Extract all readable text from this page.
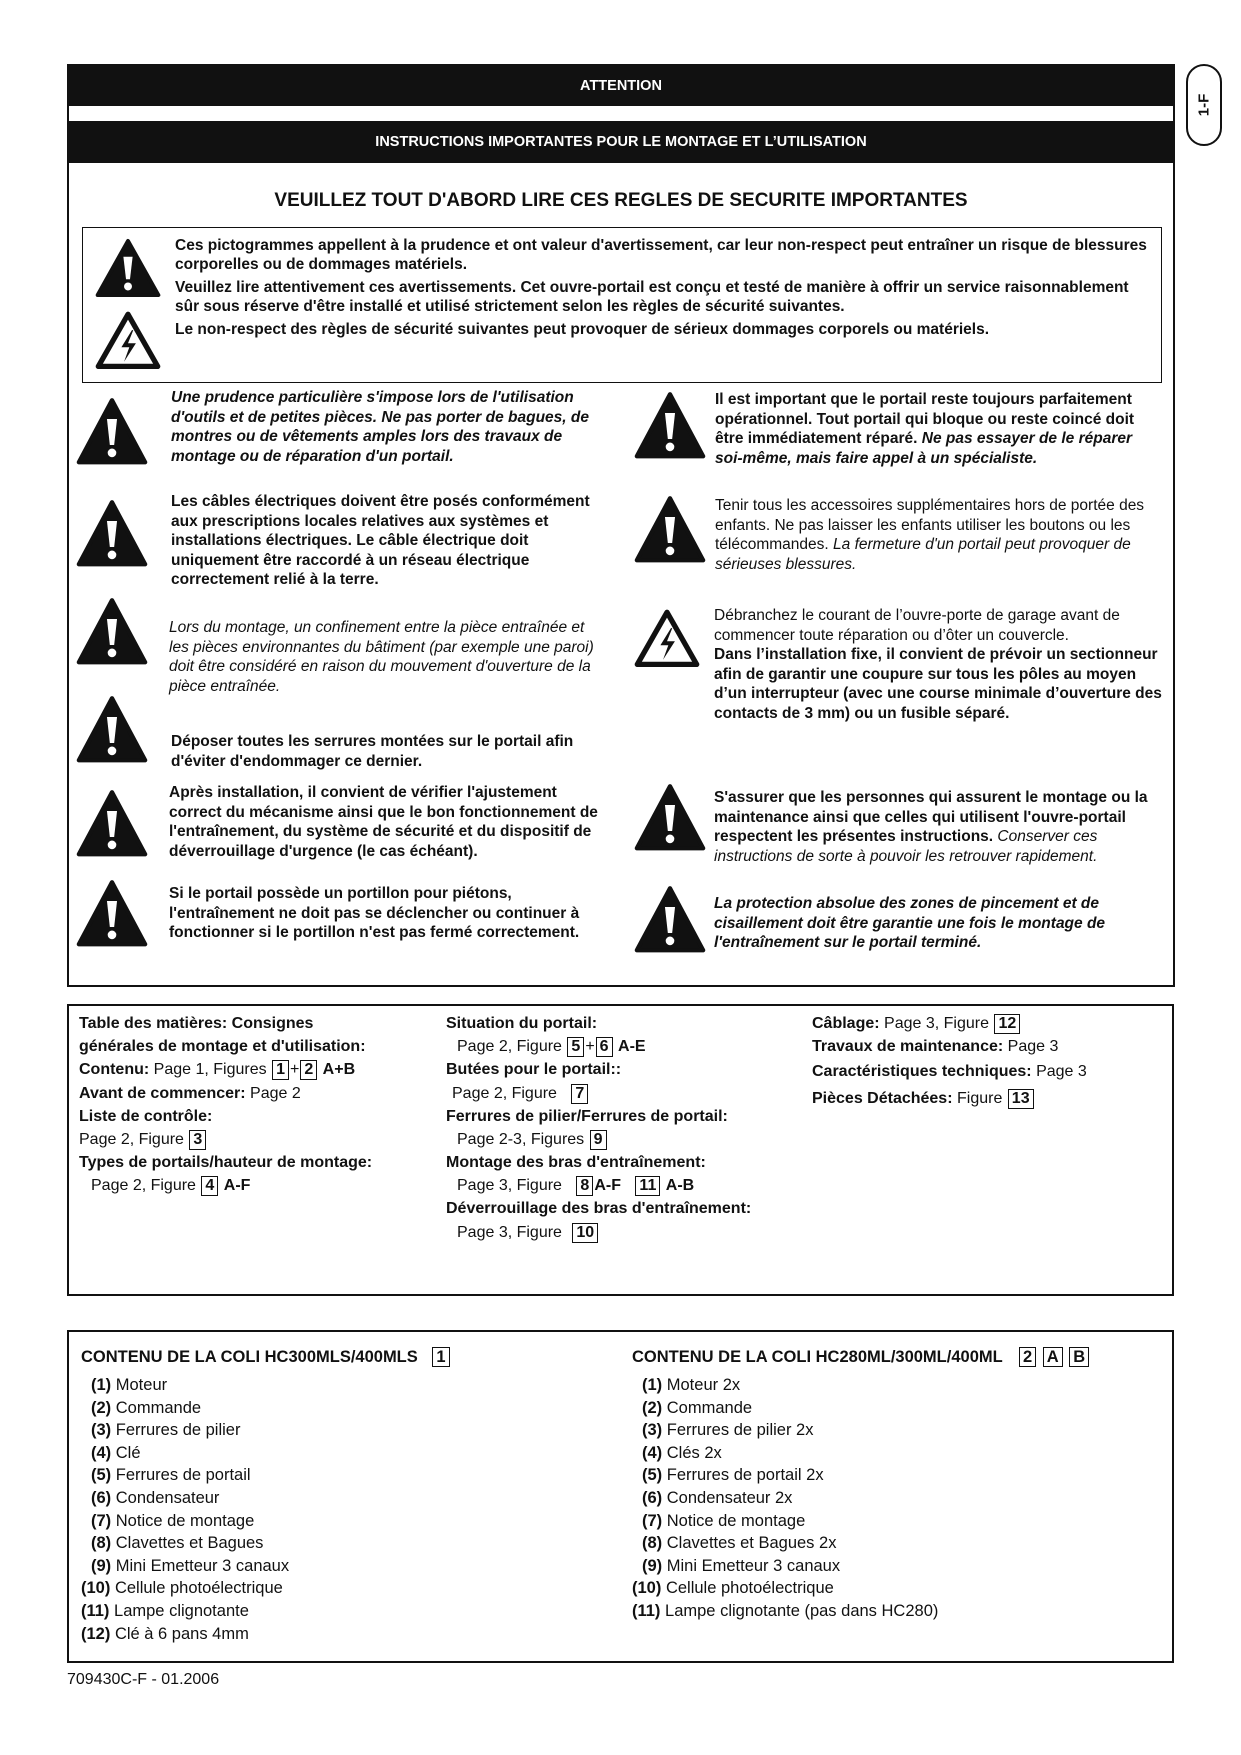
1-F
ATTENTION
INSTRUCTIONS IMPORTANTES POUR LE MONTAGE ET L’UTILISATION
VEUILLEZ TOUT D'ABORD LIRE CES REGLES DE SECURITE IMPORTANTES
Ces pictogrammes appellent à la prudence et ont valeur d'avertissement, car leur non-respect peut entraîner un risque de blessures corporelles ou de dommages matériels.
Veuillez lire attentivement ces avertissements. Cet ouvre-portail est conçu et testé de manière à offrir un service raisonnablement sûr sous réserve d'être installé et utilisé strictement selon les règles de sécurité suivantes.
Le non-respect des règles de sécurité suivantes peut provoquer de sérieux dommages corporels ou matériels.
Une prudence particulière s'impose lors de l'utilisation d'outils et de petites pièces. Ne pas porter de bagues, de montres ou de vêtements amples lors des travaux de montage ou de réparation d'un portail.
Les câbles électriques doivent être posés conformément aux prescriptions locales relatives aux systèmes et installations électriques. Le câble électrique doit uniquement être raccordé à un réseau électrique correctement relié à la terre.
Lors du montage, un confinement entre la pièce entraînée et les pièces environnantes du bâtiment (par exemple une paroi) doit être considéré en raison du mouvement d'ouverture de la pièce entraînée.
Déposer toutes les serrures montées sur le portail afin d'éviter d'endommager ce dernier.
Après installation, il convient de vérifier l'ajustement correct du mécanisme ainsi que le bon fonctionnement de l'entraînement, du système de sécurité et du dispositif de déverrouillage d'urgence (le cas échéant).
Si le portail possède un portillon pour piétons, l'entraînement ne doit pas se déclencher ou continuer à fonctionner si le portillon n'est pas fermé correctement.
Il est important que le portail reste toujours parfaitement opérationnel. Tout portail qui bloque ou reste coincé doit être immédiatement réparé. Ne pas essayer de le réparer soi-même, mais faire appel à un spécialiste.
Tenir tous les accessoires supplémentaires hors de portée des enfants. Ne pas laisser les enfants utiliser les boutons ou les télécommandes. La fermeture d'un portail peut provoquer de sérieuses blessures.
Débranchez le courant de l’ouvre-porte de garage avant de commencer toute réparation ou d’ôter un couvercle.
Dans l’installation fixe, il convient de prévoir un sectionneur afin de garantir une coupure sur tous les pôles au moyen d’un interrupteur (avec une course minimale d’ouverture des contacts de 3 mm) ou un fusible séparé.
S'assurer que les personnes qui assurent le montage ou la maintenance ainsi que celles qui utilisent l'ouvre-portail respectent les présentes instructions. Conserver ces instructions de sorte à pouvoir les retrouver rapidement.
La protection absolue des zones de pincement et de cisaillement doit être garantie une fois le montage de l'entraînement sur le portail terminé.
Table des matières: Consignes
générales de montage et d'utilisation:
Contenu: Page 1, Figures 1 + 2 A+B
Avant de commencer: Page 2
Liste de contrôle:
Page 2, Figure 3
Types de portails/hauteur de montage:
Page 2, Figure 4 A-F
Situation du portail:
Page 2, Figure 5 + 6 A-E
Butées pour le portail::
Page 2, Figure 7
Ferrures de pilier/Ferrures de portail:
Page 2-3, Figures 9
Montage des bras d'entraînement:
Page 3, Figure 8 A-F 11 A-B
Déverrouillage des bras d'entraînement:
Page 3, Figure 10
Câblage: Page 3, Figure 12
Travaux de maintenance: Page 3
Caractéristiques techniques: Page 3
Pièces Détachées: Figure 13
CONTENU DE LA COLI HC300MLS/400MLS 1	CONTENU DE LA COLI HC280ML/300ML/400ML 2 A B
(1) Moteur
(2) Commande
(3) Ferrures de pilier
(4) Clé
(5) Ferrures de portail
(6) Condensateur
(7) Notice de montage
(8) Clavettes et Bagues
(9) Mini Emetteur 3 canaux
(10) Cellule photoélectrique
(11) Lampe clignotante
(12) Clé à 6 pans 4mm
(1) Moteur 2x
(2) Commande
(3) Ferrures de pilier 2x
(4) Clés 2x
(5) Ferrures de portail 2x
(6) Condensateur 2x
(7) Notice de montage
(8) Clavettes et Bagues 2x
(9) Mini Emetteur 3 canaux
(10) Cellule photoélectrique
(11) Lampe clignotante (pas dans HC280)
709430C-F - 01.2006
